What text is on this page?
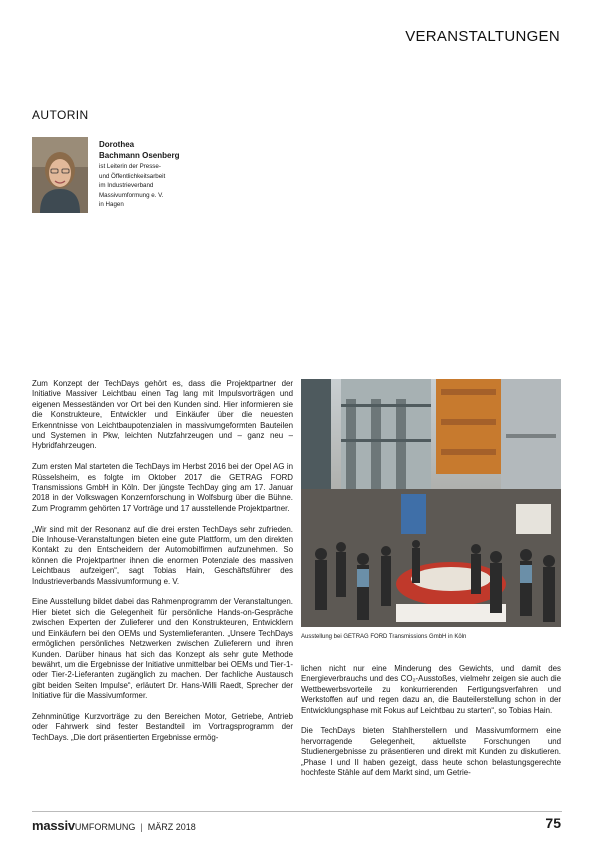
VERANSTALTUNGEN
AUTORIN
Dorothea
Bachmann Osenberg
ist Leiterin der Presse-
und Öffentlichkeitsarbeit
im Industrieverband
Massivumformung e. V.
in Hagen

Zum Konzept der TechDays gehört es, dass die Projektpartner der Initiative Massiver Leichtbau einen Tag lang mit Impulsvorträgen und eigenen Messeständen vor Ort bei den Kunden sind. Hier informieren sie die Konstrukteure, Entwickler und Einkäufer über die neuesten Erkenntnisse von Leichtbaupotenzialen in massivumgeformten Bauteilen und Systemen in Pkw, leichten Nutzfahrzeugen und – ganz neu – Hybridfahrzeugen.

Zum ersten Mal starteten die TechDays im Herbst 2016 bei der Opel AG in Rüsselsheim, es folgte im Oktober 2017 die GETRAG FORD Transmissions GmbH in Köln. Der jüngste TechDay ging am 17. Januar 2018 in der Volkswagen Konzernforschung in Wolfsburg über die Bühne. Zum Programm gehörten 17 Vorträge und 17 ausstellende Projektpartner.

„Wir sind mit der Resonanz auf die drei ersten TechDays sehr zufrieden. Die Inhouse-Veranstaltungen bieten eine gute Plattform, um den direkten Kontakt zu den Entscheidern der Automobilfirmen aufzunehmen. So können die Projektpartner ihnen die enormen Potenziale des massiven Leichtbaus aufzeigen“, sagt Tobias Hain, Geschäftsführer des Industrieverbands Massivumformung e. V.

Eine Ausstellung bildet dabei das Rahmenprogramm der Veranstaltungen. Hier bietet sich die Gelegenheit für persönliche Hands-on-Gespräche zwischen Experten der Zulieferer und den Konstrukteuren, Entwicklern und Einkäufern bei den OEMs und Systemlieferanten. „Unsere TechDays ermöglichen persönliches Netzwerken zwischen Zulieferern und ihren Kunden. Darüber hinaus hat sich das Konzept als sehr gute Methode bewährt, um die Ergebnisse der Initiative unmittelbar bei OEMs und Tier-1- oder Tier-2-Lieferanten zugänglich zu machen. Der fachliche Austausch gibt beiden Seiten Impulse“, erläutert Dr. Hans-Willi Raedt, Sprecher der Initiative für die Massivumformer.

Zehnminütige Kurzvorträge zu den Bereichen Motor, Getriebe, Antrieb oder Fahrwerk sind fester Bestandteil im Vortragsprogramm der TechDays. „Die dort präsentierten Ergebnisse ermög-

Ausstellung bei GETRAG FORD Transmissions GmbH in Köln

lichen nicht nur eine Minderung des Gewichts, und damit des Energieverbrauchs und des CO₂-Ausstoßes, vielmehr zeigen sie auch die Wettbewerbsvorteile zu konkurrierenden Fertigungsverfahren und Werkstoffen auf und regen dazu an, die Bauteilerstellung schon in der Entwicklungsphase mit Fokus auf Leichtbau zu starten“, so Tobias Hain.

Die TechDays bieten Stahlherstellern und Massivumformern eine hervorragende Gelegenheit, aktuellste Forschungen und Studienergebnisse zu präsentieren und direkt mit Kunden zu diskutieren. „Phase I und II haben gezeigt, dass heute schon belastungsgerechte hochfeste Stähle auf dem Markt sind, um Getrie-

massivUMFORMUNG | MÄRZ 2018	75
